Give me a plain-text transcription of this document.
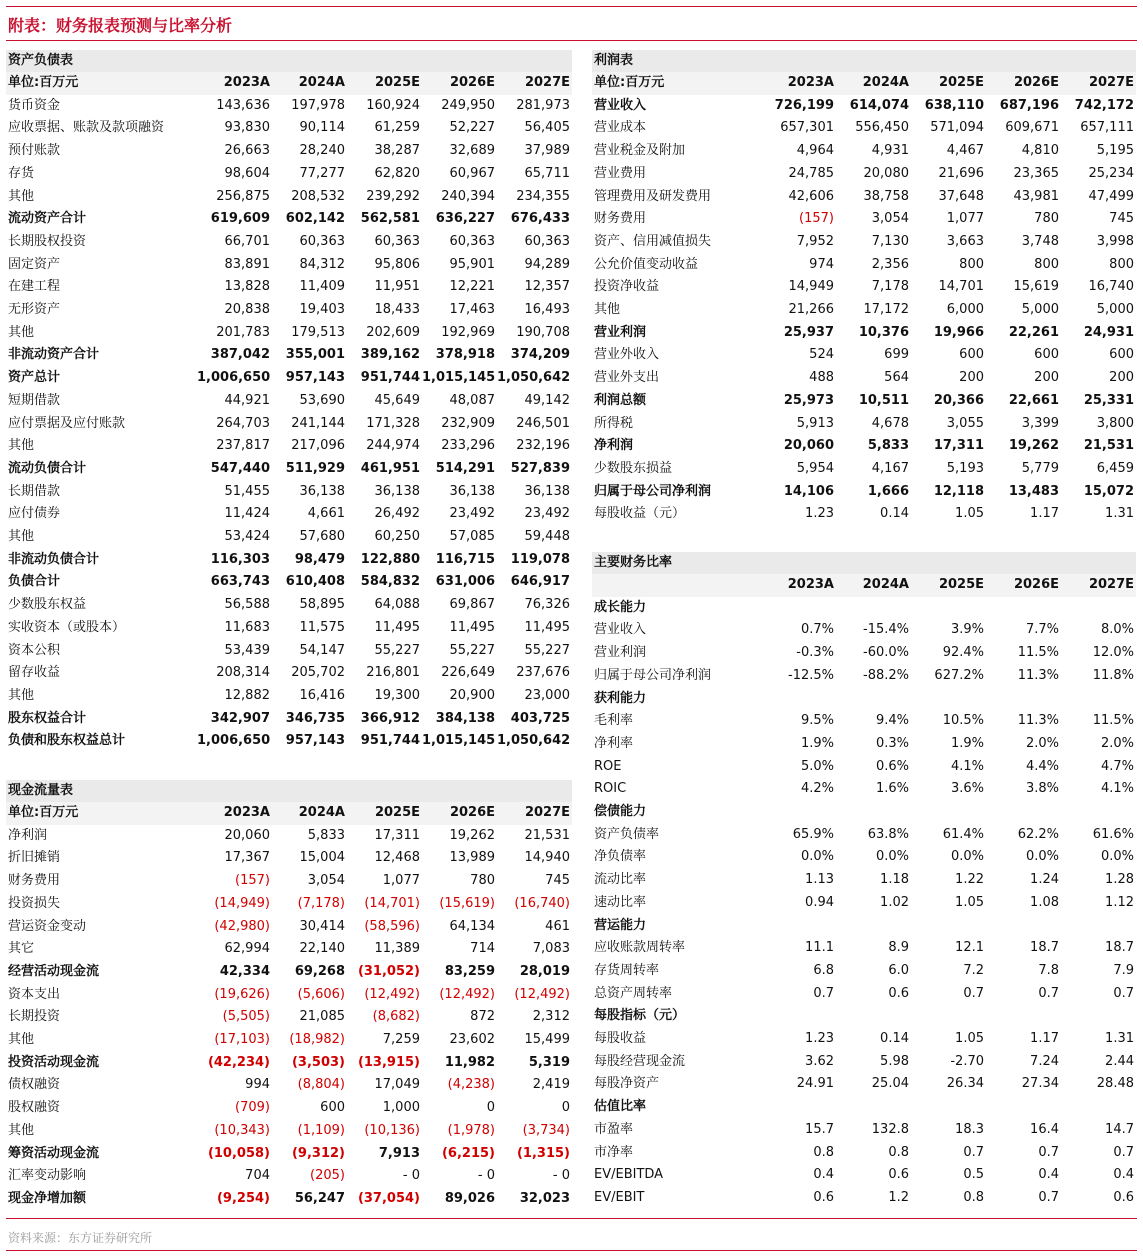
附表：财务报表预测与比率分析
资产负债表
单位:百万元	2023A	2024A	2025E	2026E	2027E
货币资金	143,636	197,978	160,924	249,950	281,973
应收票据、账款及款项融资	93,830	90,114	61,259	52,227	56,405
预付账款	26,663	28,240	38,287	32,689	37,989
存货	98,604	77,277	62,820	60,967	65,711
其他	256,875	208,532	239,292	240,394	234,355
流动资产合计	619,609	602,142	562,581	636,227	676,433
长期股权投资	66,701	60,363	60,363	60,363	60,363
固定资产	83,891	84,312	95,806	95,901	94,289
在建工程	13,828	11,409	11,951	12,221	12,357
无形资产	20,838	19,403	18,433	17,463	16,493
其他	201,783	179,513	202,609	192,969	190,708
非流动资产合计	387,042	355,001	389,162	378,918	374,209
资产总计	1,006,650	957,143	951,744	1,015,145	1,050,642
短期借款	44,921	53,690	45,649	48,087	49,142
应付票据及应付账款	264,703	241,144	171,328	232,909	246,501
其他	237,817	217,096	244,974	233,296	232,196
流动负债合计	547,440	511,929	461,951	514,291	527,839
长期借款	51,455	36,138	36,138	36,138	36,138
应付债券	11,424	4,661	26,492	23,492	23,492
其他	53,424	57,680	60,250	57,085	59,448
非流动负债合计	116,303	98,479	122,880	116,715	119,078
负债合计	663,743	610,408	584,832	631,006	646,917
少数股东权益	56,588	58,895	64,088	69,867	76,326
实收资本（或股本）	11,683	11,575	11,495	11,495	11,495
资本公积	53,439	54,147	55,227	55,227	55,227
留存收益	208,314	205,702	216,801	226,649	237,676
其他	12,882	16,416	19,300	20,900	23,000
股东权益合计	342,907	346,735	366,912	384,138	403,725
负债和股东权益总计	1,006,650	957,143	951,744	1,015,145	1,050,642
现金流量表
单位:百万元	2023A	2024A	2025E	2026E	2027E
净利润	20,060	5,833	17,311	19,262	21,531
折旧摊销	17,367	15,004	12,468	13,989	14,940
财务费用	(157)	3,054	1,077	780	745
投资损失	(14,949)	(7,178)	(14,701)	(15,619)	(16,740)
营运资金变动	(42,980)	30,414	(58,596)	64,134	461
其它	62,994	22,140	11,389	714	7,083
经营活动现金流	42,334	69,268	(31,052)	83,259	28,019
资本支出	(19,626)	(5,606)	(12,492)	(12,492)	(12,492)
长期投资	(5,505)	21,085	(8,682)	872	2,312
其他	(17,103)	(18,982)	7,259	23,602	15,499
投资活动现金流	(42,234)	(3,503)	(13,915)	11,982	5,319
债权融资	994	(8,804)	17,049	(4,238)	2,419
股权融资	(709)	600	1,000	0	0
其他	(10,343)	(1,109)	(10,136)	(1,978)	(3,734)
筹资活动现金流	(10,058)	(9,312)	7,913	(6,215)	(1,315)
汇率变动影响	704	(205)	- 0	- 0	- 0
现金净增加额	(9,254)	56,247	(37,054)	89,026	32,023
利润表
单位:百万元	2023A	2024A	2025E	2026E	2027E
营业收入	726,199	614,074	638,110	687,196	742,172
营业成本	657,301	556,450	571,094	609,671	657,111
营业税金及附加	4,964	4,931	4,467	4,810	5,195
营业费用	24,785	20,080	21,696	23,365	25,234
管理费用及研发费用	42,606	38,758	37,648	43,981	47,499
财务费用	(157)	3,054	1,077	780	745
资产、信用减值损失	7,952	7,130	3,663	3,748	3,998
公允价值变动收益	974	2,356	800	800	800
投资净收益	14,949	7,178	14,701	15,619	16,740
其他	21,266	17,172	6,000	5,000	5,000
营业利润	25,937	10,376	19,966	22,261	24,931
营业外收入	524	699	600	600	600
营业外支出	488	564	200	200	200
利润总额	25,973	10,511	20,366	22,661	25,331
所得税	5,913	4,678	3,055	3,399	3,800
净利润	20,060	5,833	17,311	19,262	21,531
少数股东损益	5,954	4,167	5,193	5,779	6,459
归属于母公司净利润	14,106	1,666	12,118	13,483	15,072
每股收益（元）	1.23	0.14	1.05	1.17	1.31
主要财务比率
	2023A	2024A	2025E	2026E	2027E
成长能力					
营业收入	0.7%	-15.4%	3.9%	7.7%	8.0%
营业利润	-0.3%	-60.0%	92.4%	11.5%	12.0%
归属于母公司净利润	-12.5%	-88.2%	627.2%	11.3%	11.8%
获利能力					
毛利率	9.5%	9.4%	10.5%	11.3%	11.5%
净利率	1.9%	0.3%	1.9%	2.0%	2.0%
ROE	5.0%	0.6%	4.1%	4.4%	4.7%
ROIC	4.2%	1.6%	3.6%	3.8%	4.1%
偿债能力					
资产负债率	65.9%	63.8%	61.4%	62.2%	61.6%
净负债率	0.0%	0.0%	0.0%	0.0%	0.0%
流动比率	1.13	1.18	1.22	1.24	1.28
速动比率	0.94	1.02	1.05	1.08	1.12
营运能力					
应收账款周转率	11.1	8.9	12.1	18.7	18.7
存货周转率	6.8	6.0	7.2	7.8	7.9
总资产周转率	0.7	0.6	0.7	0.7	0.7
每股指标（元）					
每股收益	1.23	0.14	1.05	1.17	1.31
每股经营现金流	3.62	5.98	-2.70	7.24	2.44
每股净资产	24.91	25.04	26.34	27.34	28.48
估值比率					
市盈率	15.7	132.8	18.3	16.4	14.7
市净率	0.8	0.8	0.7	0.7	0.7
EV/EBITDA	0.4	0.6	0.5	0.4	0.4
EV/EBIT	0.6	1.2	0.8	0.7	0.6
资料来源：东方证券研究所
